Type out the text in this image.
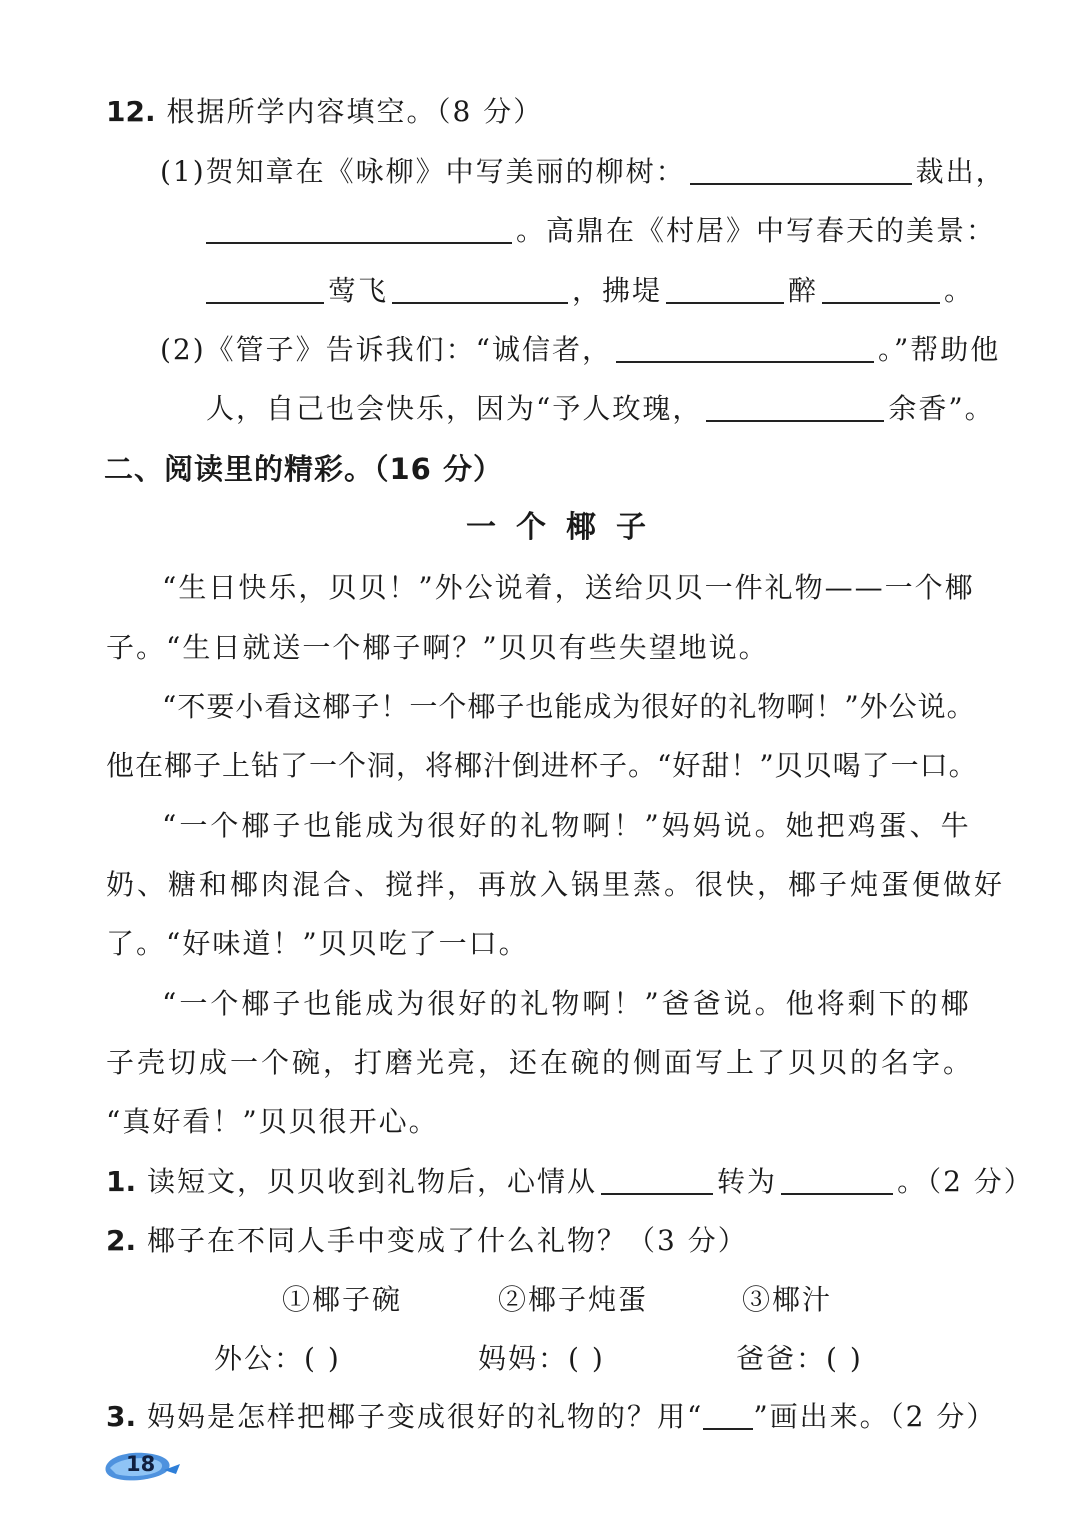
12. 根据所学内容填空。（8 分）
(1)贺知章在《咏柳》中写美丽的柳树：	裁出，
。高鼎在《村居》中写春天的美景：
莺飞	，拂堤	醉	。
(2)《管子》告诉我们：“诚信者，	。”帮助他
人，自己也会快乐，因为“予人玫瑰，	余香”。
二、阅读里的精彩。（16 分）
一个椰子
“生日快乐，贝贝！”外公说着，送给贝贝一件礼物——一个椰
子。“生日就送一个椰子啊？”贝贝有些失望地说。
“不要小看这椰子！一个椰子也能成为很好的礼物啊！”外公说。
他在椰子上钻了一个洞，将椰汁倒进杯子。“好甜！”贝贝喝了一口。
“一个椰子也能成为很好的礼物啊！”妈妈说。她把鸡蛋、牛
奶、糖和椰肉混合、搅拌，再放入锅里蒸。很快，椰子炖蛋便做好
了。“好味道！”贝贝吃了一口。
“一个椰子也能成为很好的礼物啊！”爸爸说。他将剩下的椰
子壳切成一个碗，打磨光亮，还在碗的侧面写上了贝贝的名字。
“真好看！”贝贝很开心。
1. 读短文，贝贝收到礼物后，心情从	转为	。（2 分）
2. 椰子在不同人手中变成了什么礼物？（3 分）
①椰子碗	②椰子炖蛋	③椰汁
外公：( )	妈妈：( )	爸爸：( )
3. 妈妈是怎样把椰子变成很好的礼物的？用“ ”画出来。（2 分）
18
